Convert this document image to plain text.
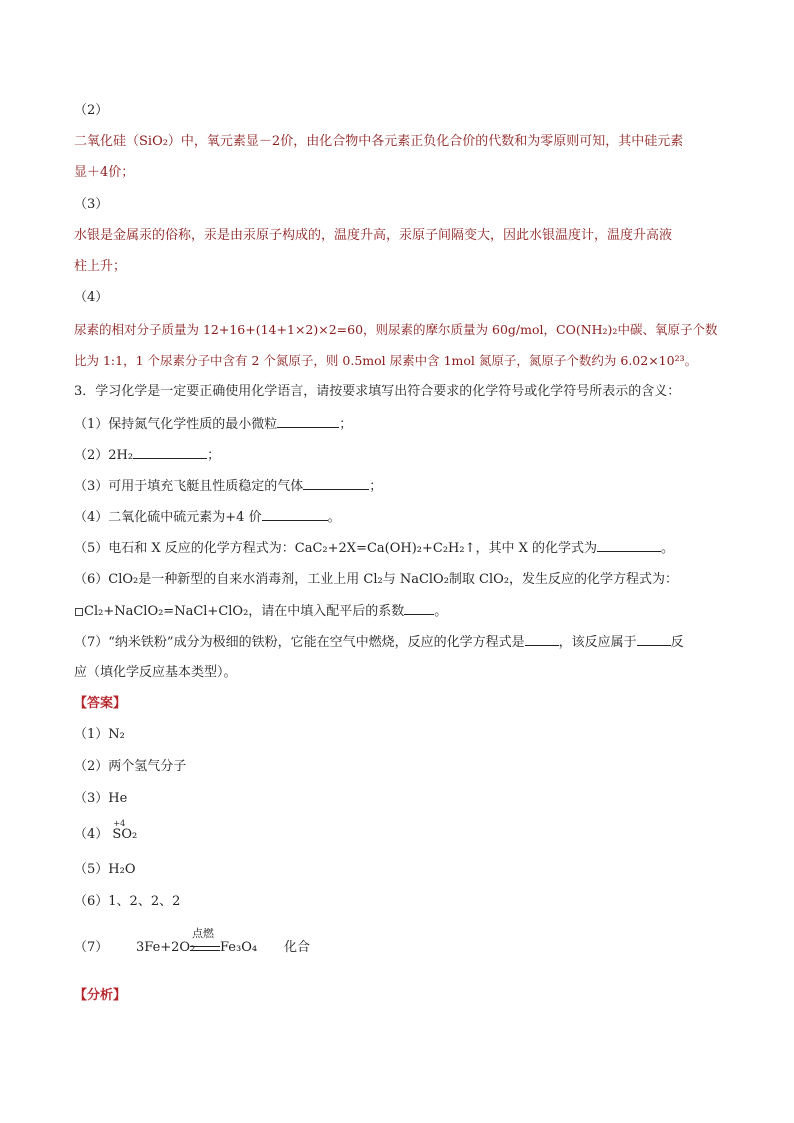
（2）
二氧化硅（SiO₂）中，氧元素显－2价，由化合物中各元素正负化合价的代数和为零原则可知，其中硅元素
显＋4价；
（3）
水银是金属汞的俗称，汞是由汞原子构成的，温度升高，汞原子间隔变大，因此水银温度计，温度升高液
柱上升；
（4）
尿素的相对分子质量为 12+16+(14+1×2)×2=60，则尿素的摩尔质量为 60g/mol，CO(NH₂)₂中碳、氧原子个数
比为 1:1，1 个尿素分子中含有 2 个氮原子，则 0.5mol 尿素中含 1mol 氮原子，氮原子个数约为 6.02×10²³。
3．学习化学是一定要正确使用化学语言，请按要求填写出符合要求的化学符号或化学符号所表示的含义：
（1）保持氮气化学性质的最小微粒	；
（2）2H₂	；
（3）可用于填充飞艇且性质稳定的气体	；
（4）二氧化硫中硫元素为+4 价	。
（5）电石和 X 反应的化学方程式为：CaC₂+2X=Ca(OH)₂+C₂H₂↑，其中 X 的化学式为	。
（6）ClO₂是一种新型的自来水消毒剂，工业上用 Cl₂与 NaClO₂制取 ClO₂，发生反应的化学方程式为：
Cl₂+NaClO₂=NaCl+ClO₂，请在中填入配平后的系数 。
（7）“纳米铁粉”成分为极细的铁粉，它能在空气中燃烧，反应的化学方程式是	，该反应属于	反
应（填化学反应基本类型）。
【答案】
（1）N₂
（2）两个氢气分子
（3）He
（4）
+4
SO₂
（5）H₂O
（6）1、2、2、2
（7） 3Fe+2O₂
点燃
Fe₃O₄ 化合
【分析】
